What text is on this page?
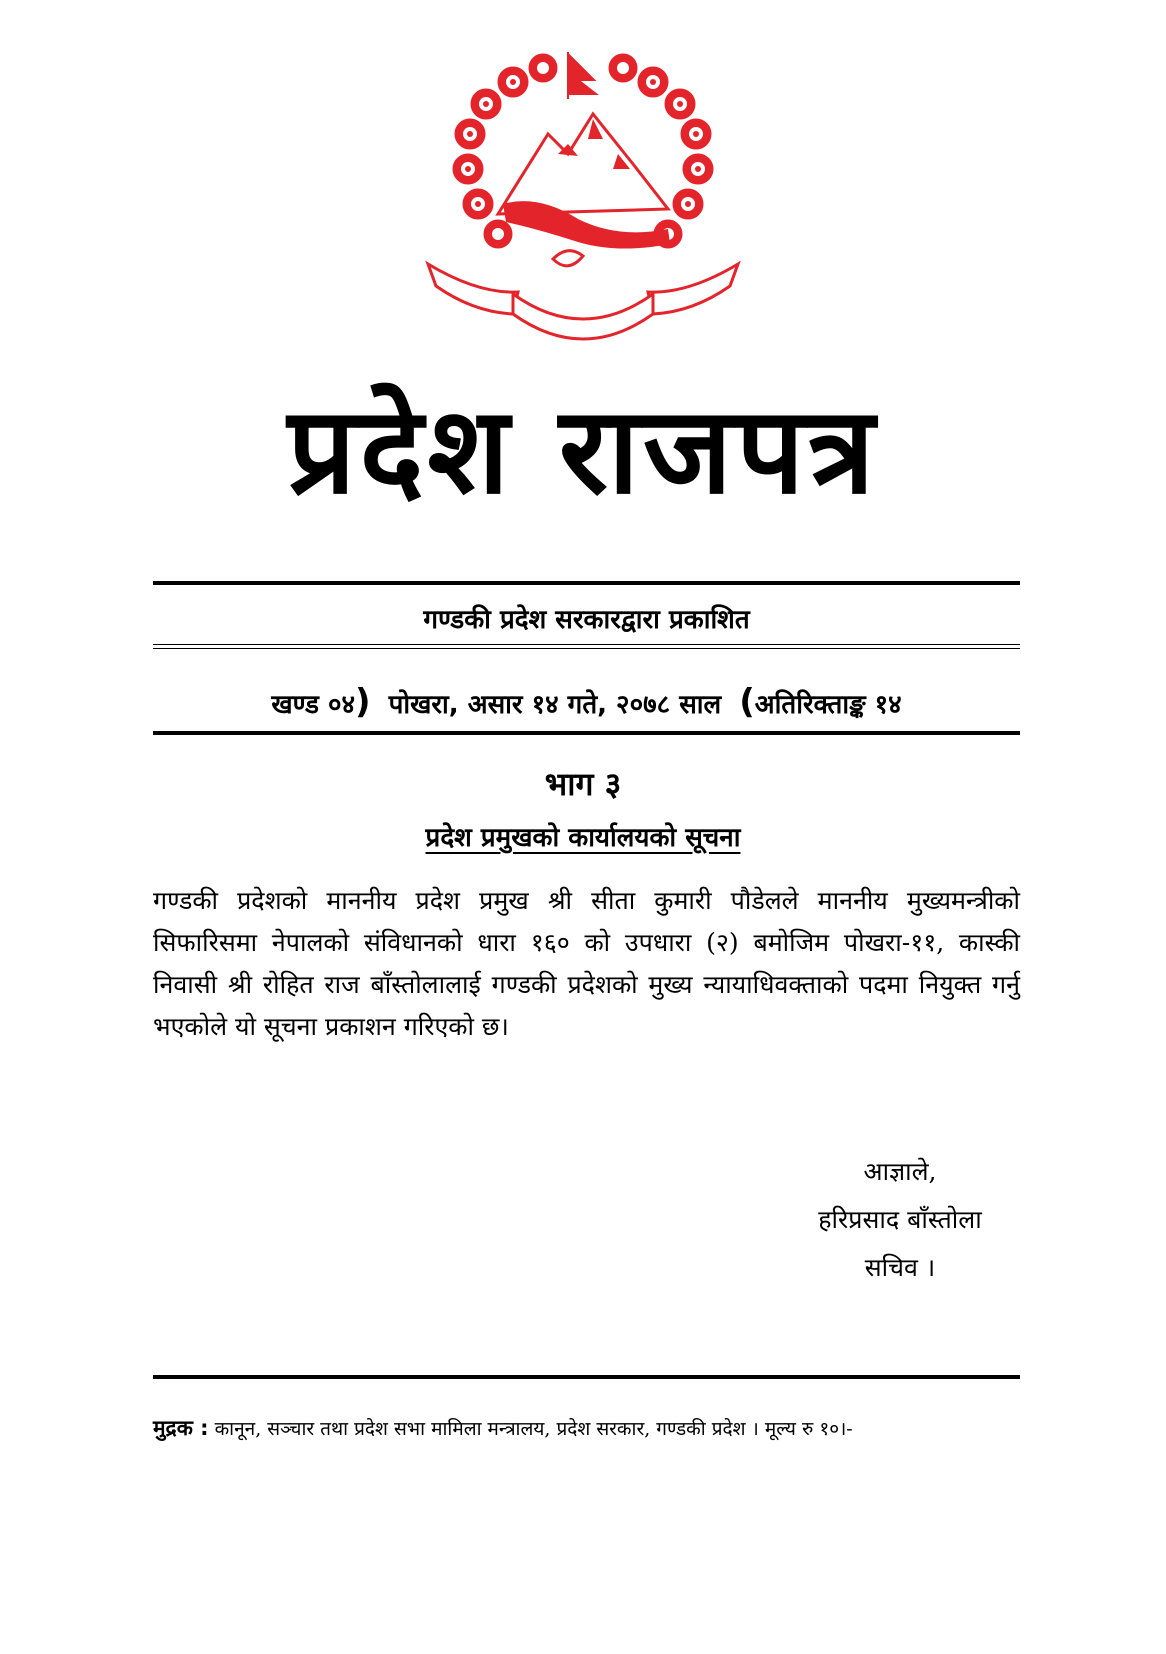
प्रदेश राजपत्र
गण्डकी प्रदेश सरकारद्वारा प्रकाशित
खण्ड ०४) पोखरा, असार १४ गते, २०७८ साल (अतिरिक्ताङ्क १४
भाग ३
प्रदेश प्रमुखको कार्यालयको सूचना
गण्डकी प्रदेशको माननीय प्रदेश प्रमुख श्री सीता कुमारी पौडेलले माननीय मुख्यमन्त्रीको सिफारिसमा नेपालको संविधानको धारा १६० को उपधारा (२) बमोजिम पोखरा-११, कास्की निवासी श्री रोहित राज बाँस्तोलालाई गण्डकी प्रदेशको मुख्य न्यायाधिवक्ताको पदमा नियुक्त गर्नु भएकोले यो सूचना प्रकाशन गरिएको छ।
आज्ञाले,
हरिप्रसाद बाँस्तोला
सचिव ।
मुद्रक : कानून, सञ्चार तथा प्रदेश सभा मामिला मन्त्रालय, प्रदेश सरकार, गण्डकी प्रदेश । मूल्य रु १०।-
